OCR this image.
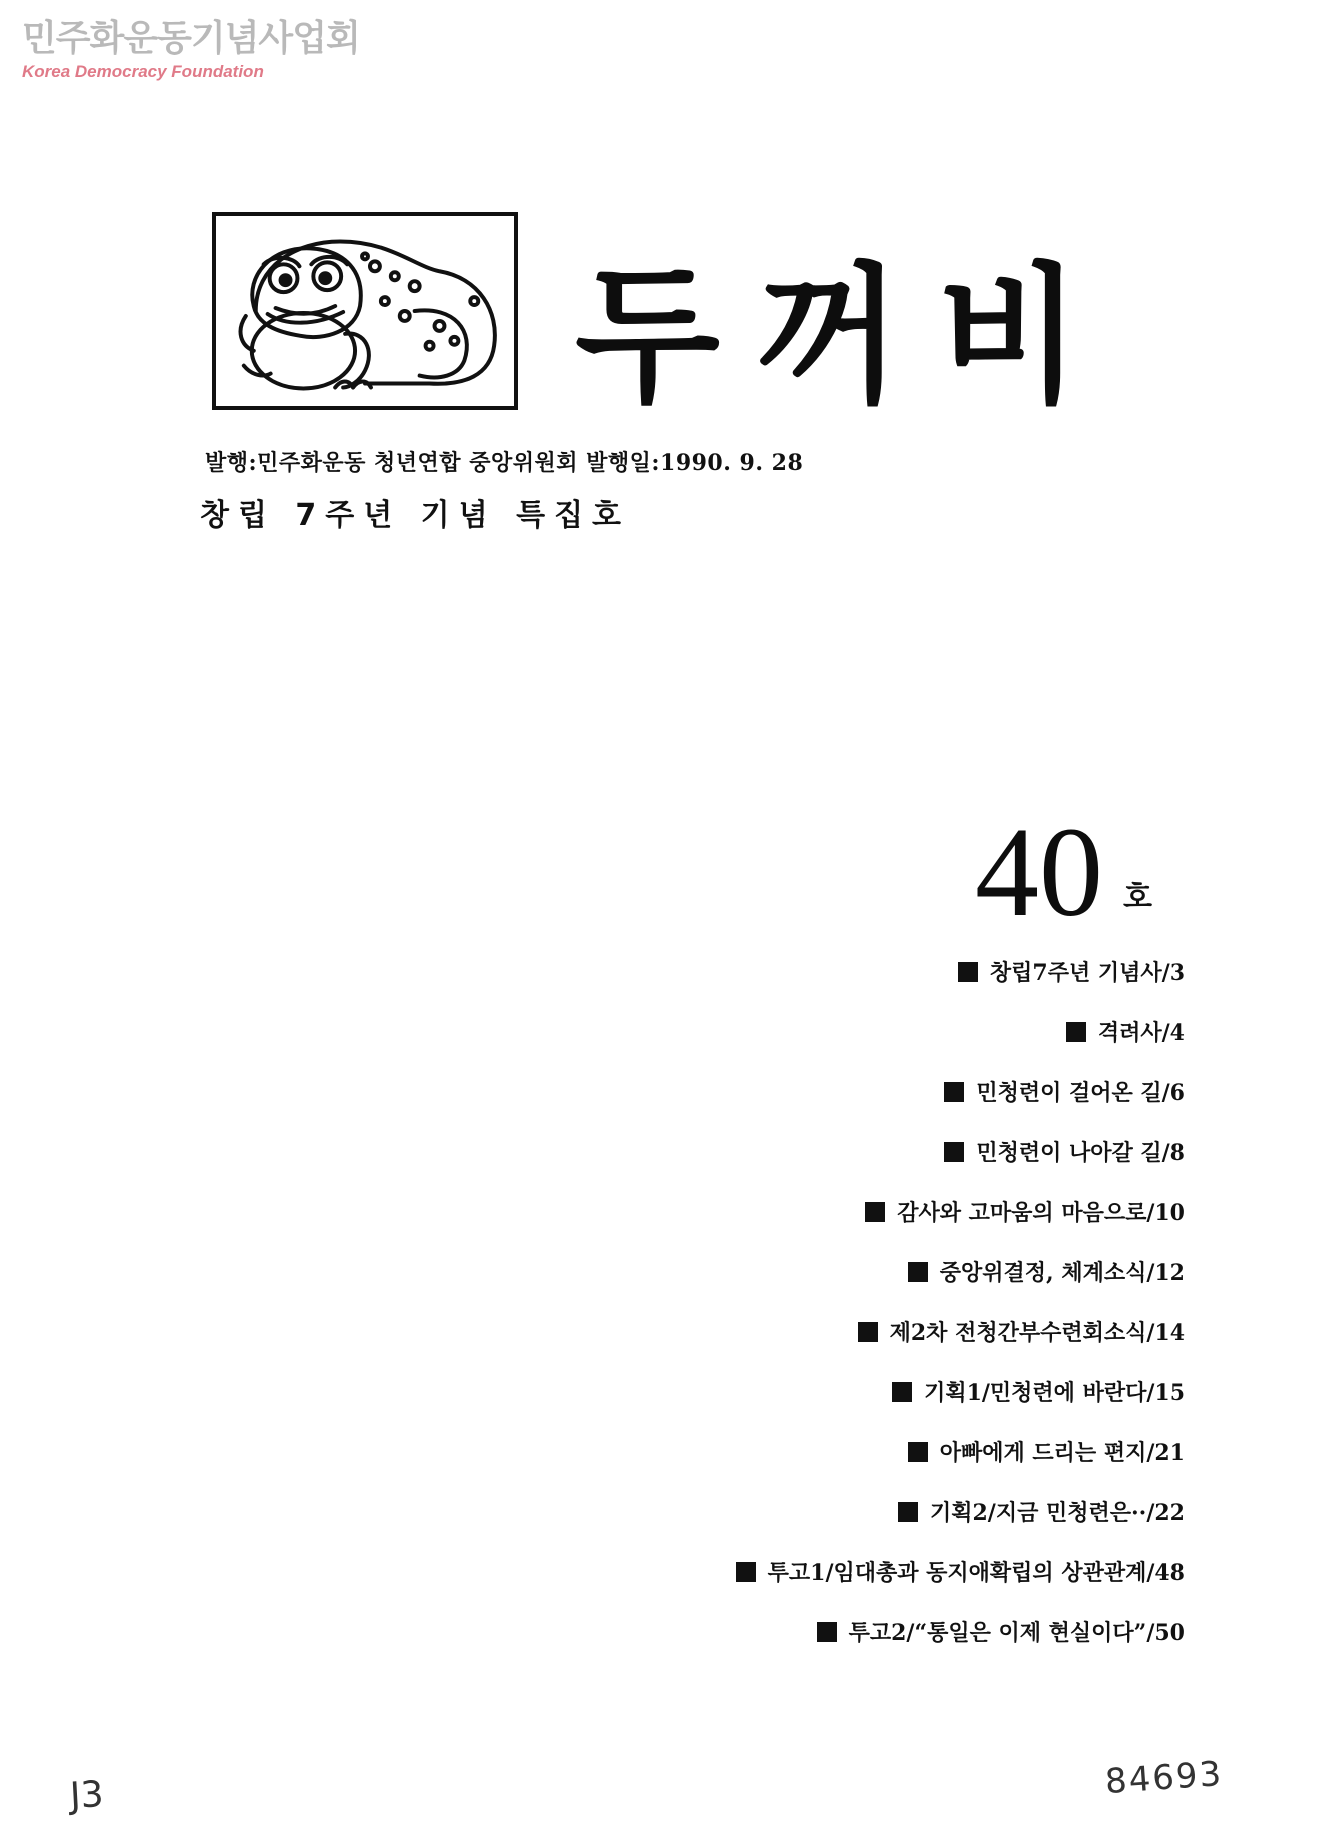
민주화운동기념사업회
Korea Democracy Foundation
두꺼비
발행:민주화운동 청년연합 중앙위원회 발행일:1990. 9. 28
창립 7주년 기념 특집호
40 호
창립7주년 기념사/3
격려사/4
민청련이 걸어온 길/6
민청련이 나아갈 길/8
감사와 고마움의 마음으로/10
중앙위결정, 체계소식/12
제2차 전청간부수련회소식/14
기획1/민청련에 바란다/15
아빠에게 드리는 편지/21
기획2/지금 민청련은··/22
투고1/임대총과 동지애확립의 상관관계/48
투고2/“통일은 이제 현실이다”/50
J3	84693
